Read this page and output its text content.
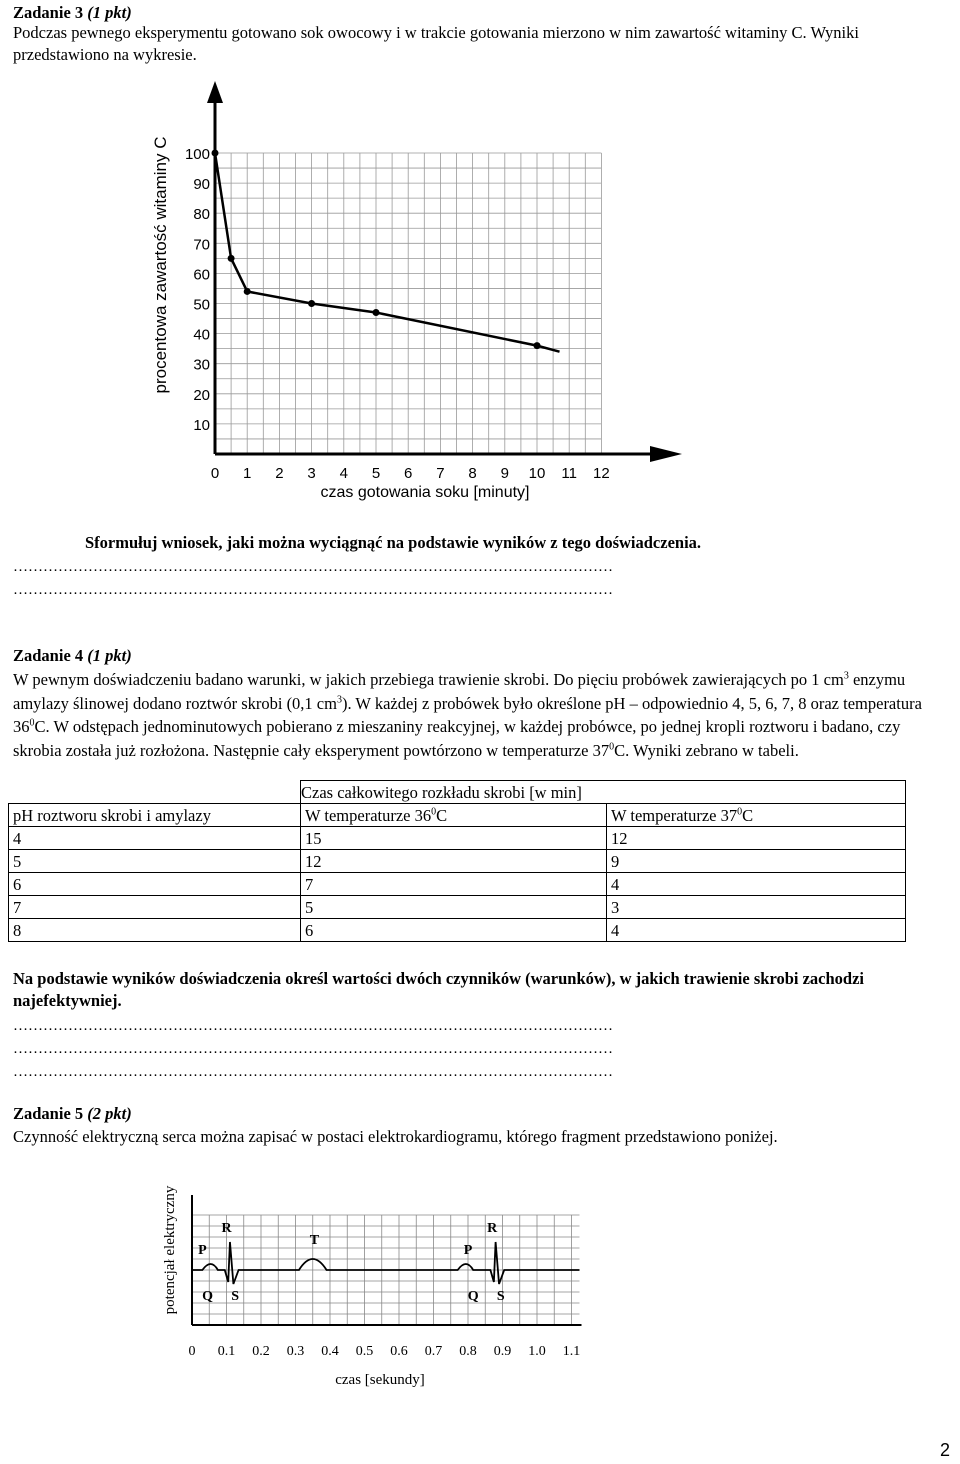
Zadanie 3 (1 pkt)
Podczas pewnego eksperymentu gotowano sok owocowy i w trakcie gotowania mierzono w nim zawartość witaminy C. Wyniki przedstawiono na wykresie.
10
20
30
40
50
60
70
80
90
100
0 1 2 3 4 5 6 7 8 9 10 11 12
procentowa zawartość witaminy C
czas gotowania soku [minuty]
Sformułuj wniosek, jaki można wyciągnąć na podstawie wyników z tego doświadczenia.
…………………………………………………………………………………………………………
…………………………………………………………………………………………………………
Zadanie 4 (1 pkt)
W pewnym doświadczeniu badano warunki, w jakich przebiega trawienie skrobi. Do pięciu probówek zawierających po 1 $cm^3$ enzymu amylazy ślinowej dodano roztwór skrobi (0,1 $cm^3$). W każdej z probówek było określone pH – odpowiednio 4, 5, 6, 7, 8 oraz temperatura $36^0C$. W odstępach jednominutowych pobierano z mieszaniny reakcyjnej, w każdej probówce, po jednej kropli roztworu i badano, czy skrobia została już rozłożona. Następnie cały eksperyment powtórzono w temperaturze $37^0C$. Wyniki zebrano w tabeli.
	Czas całkowitego rozkładu skrobi [w min]	
pH roztworu skrobi i amylazy	W temperaturze $36^0C$	W temperaturze $37^0C$
4	15	12
5	12	9
6	7	4
7	5	3
8	6	4
Na podstawie wyników doświadczenia określ wartości dwóch czynników (warunków), w jakich trawienie skrobi zachodzi najefektywniej.
…………………………………………………………………………………………………………
…………………………………………………………………………………………………………
…………………………………………………………………………………………………………
Zadanie 5 (2 pkt)
Czynność elektryczną serca można zapisać w postaci elektrokardiogramu, którego fragment przedstawiono poniżej.
0 0.1 0.2 0.3 0.4 0.5 0.6 0.7 0.8 0.9 1.0 1.1
P
R
Q S
T
P
R
Q S
potencjał elektryczny
czas [sekundy]
2
